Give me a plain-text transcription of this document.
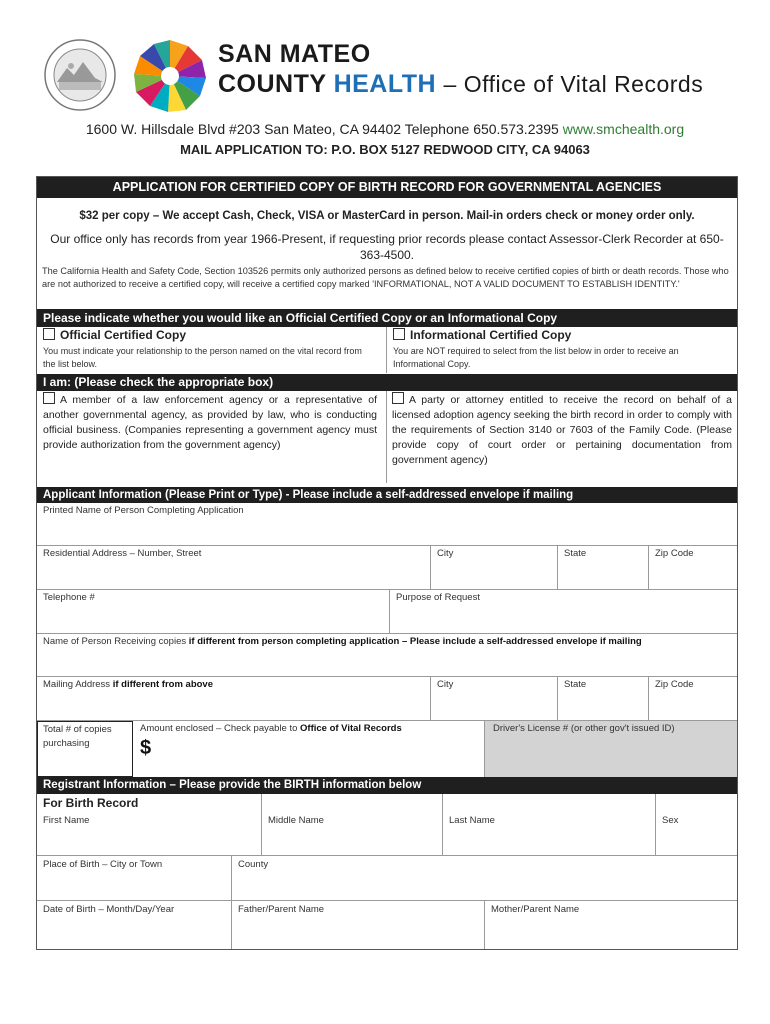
SAN MATEO
COUNTY HEALTH – Office of Vital Records
1600 W. Hillsdale Blvd #203 San Mateo, CA 94402 Telephone 650.573.2395 www.smchealth.org
MAIL APPLICATION TO: P.O. BOX 5127 REDWOOD CITY, CA 94063
APPLICATION FOR CERTIFIED COPY OF BIRTH RECORD FOR GOVERNMENTAL AGENCIES
$32 per copy – We accept Cash, Check, VISA or MasterCard in person. Mail-in orders check or money order only.
Our office only has records from year 1966-Present, if requesting prior records please contact Assessor-Clerk Recorder at 650-363-4500.
The California Health and Safety Code, Section 103526 permits only authorized persons as defined below to receive certified copies of birth or death records. Those who are not authorized to receive a certified copy, will receive a certified copy marked 'INFORMATIONAL, NOT A VALID DOCUMENT TO ESTABLISH IDENTITY.'
Please indicate whether you would like an Official Certified Copy or an Informational Copy
Official Certified Copy
You must indicate your relationship to the person named on the vital record from the list below.
Informational Certified Copy
You are NOT required to select from the list below in order to receive an Informational Copy.
I am: (Please check the appropriate box)
A member of a law enforcement agency or a representative of another governmental agency, as provided by law, who is conducting official business. (Companies representing a government agency must provide authorization from the government agency)
A party or attorney entitled to receive the record on behalf of a licensed adoption agency seeking the birth record in order to comply with the requirements of Section 3140 or 7603 of the Family Code. (Please provide copy of court order or pertaining documentation from government agency)
Applicant Information (Please Print or Type) - Please include a self-addressed envelope if mailing
Printed Name of Person Completing Application
Residential Address – Number, Street	City	State	Zip Code
Telephone #	Purpose of Request
Name of Person Receiving copies if different from person completing application – Please include a self-addressed envelope if mailing
Mailing Address if different from above	City	State	Zip Code
Total # of copies purchasing
Amount enclosed – Check payable to Office of Vital Records
$
Driver's License # (or other gov't issued ID)
Registrant Information – Please provide the BIRTH information below
For Birth Record
First Name	Middle Name	Last Name	Sex
Place of Birth – City or Town	County
Date of Birth – Month/Day/Year	Father/Parent Name	Mother/Parent Name
